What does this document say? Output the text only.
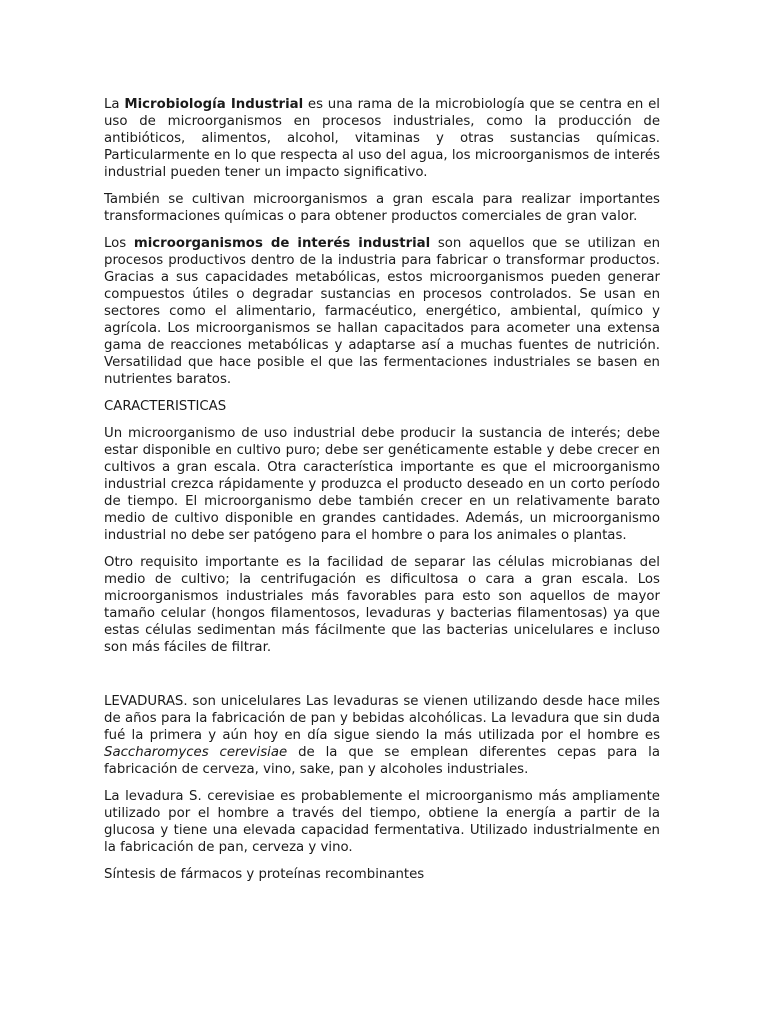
La Microbiología Industrial es una rama de la microbiología que se centra en el uso de microorganismos en procesos industriales, como la producción de antibióticos, alimentos, alcohol, vitaminas y otras sustancias químicas. Particularmente en lo que respecta al uso del agua, los microorganismos de interés industrial pueden tener un impacto significativo.

También se cultivan microorganismos a gran escala para realizar importantes transformaciones químicas o para obtener productos comerciales de gran valor.

Los microorganismos de interés industrial son aquellos que se utilizan en procesos productivos dentro de la industria para fabricar o transformar productos. Gracias a sus capacidades metabólicas, estos microorganismos pueden generar compuestos útiles o degradar sustancias en procesos controlados. Se usan en sectores como el alimentario, farmacéutico, energético, ambiental, químico y agrícola. Los microorganismos se hallan capacitados para acometer una extensa gama de reacciones metabólicas y adaptarse así a muchas fuentes de nutrición. Versatilidad que hace posible el que las fermentaciones industriales se basen en nutrientes baratos.

CARACTERISTICAS

Un microorganismo de uso industrial debe producir la sustancia de interés; debe estar disponible en cultivo puro; debe ser genéticamente estable y debe crecer en cultivos a gran escala. Otra característica importante es que el microorganismo industrial crezca rápidamente y produzca el producto deseado en un corto período de tiempo. El microorganismo debe también crecer en un relativamente barato medio de cultivo disponible en grandes cantidades. Además, un microorganismo industrial no debe ser patógeno para el hombre o para los animales o plantas.

Otro requisito importante es la facilidad de separar las células microbianas del medio de cultivo; la centrifugación es dificultosa o cara a gran escala. Los microorganismos industriales más favorables para esto son aquellos de mayor tamaño celular (hongos filamentosos, levaduras y bacterias filamentosas) ya que estas células sedimentan más fácilmente que las bacterias unicelulares e incluso son más fáciles de filtrar.

LEVADURAS. son unicelulares Las levaduras se vienen utilizando desde hace miles de años para la fabricación de pan y bebidas alcohólicas. La levadura que sin duda fué la primera y aún hoy en día sigue siendo la más utilizada por el hombre es Saccharomyces cerevisiae de la que se emplean diferentes cepas para la fabricación de cerveza, vino, sake, pan y alcoholes industriales.

La levadura S. cerevisiae es probablemente el microorganismo más ampliamente utilizado por el hombre a través del tiempo, obtiene la energía a partir de la glucosa y tiene una elevada capacidad fermentativa. Utilizado industrialmente en la fabricación de pan, cerveza y vino.

Síntesis de fármacos y proteínas recombinantes
